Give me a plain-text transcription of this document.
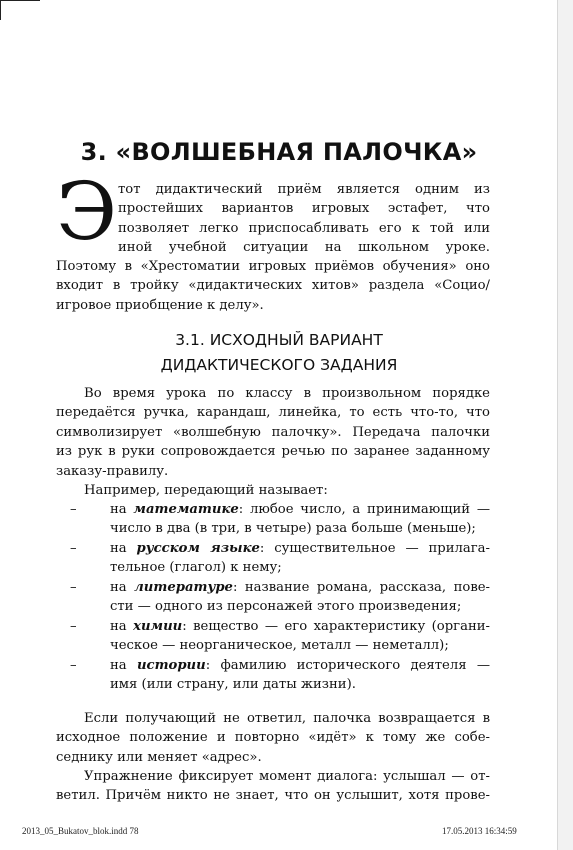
3. «ВОЛШЕБНАЯ ПАЛОЧКА»
Э тот дидактический приём является одним из
простейших вариантов игровых эстафет, что
позволяет легко приспосабливать его к той или
иной учебной ситуации на школьном уроке.
Поэтому в «Хрестоматии игровых приёмов обучения» оно
входит в тройку «дидактических хитов» раздела «Социо/
игровое приобщение к делу».
3.1. ИСХОДНЫЙ ВАРИАНТ
ДИДАКТИЧЕСКОГО ЗАДАНИЯ
Во время урока по классу в произвольном порядке
передаётся ручка, карандаш, линейка, то есть что-то, что
символизирует «волшебную палочку». Передача палочки
из рук в руки сопровождается речью по заранее заданному
заказу-правилу.
Например, передающий называет:
–	на математике: любое число, а принимающий —
число в два (в три, в четыре) раза больше (меньше);
–	на русском языке: существительное — прилага-
тельное (глагол) к нему;
–	на литературе: название романа, рассказа, пове-
сти — одного из персонажей этого произведения;
–	на химии: вещество — его характеристику (органи-
ческое — неорганическое, металл — неметалл);
–	на истории: фамилию исторического деятеля —
имя (или страну, или даты жизни).
Если получающий не ответил, палочка возвращается в
исходное положение и повторно «идёт» к тому же собе-
седнику или меняет «адрес».
Упражнение фиксирует момент диалога: услышал — от-
ветил. Причём никто не знает, что он услышит, хотя прове-
2013_05_Bukatov_blok.indd 78	17.05.2013 16:34:59
